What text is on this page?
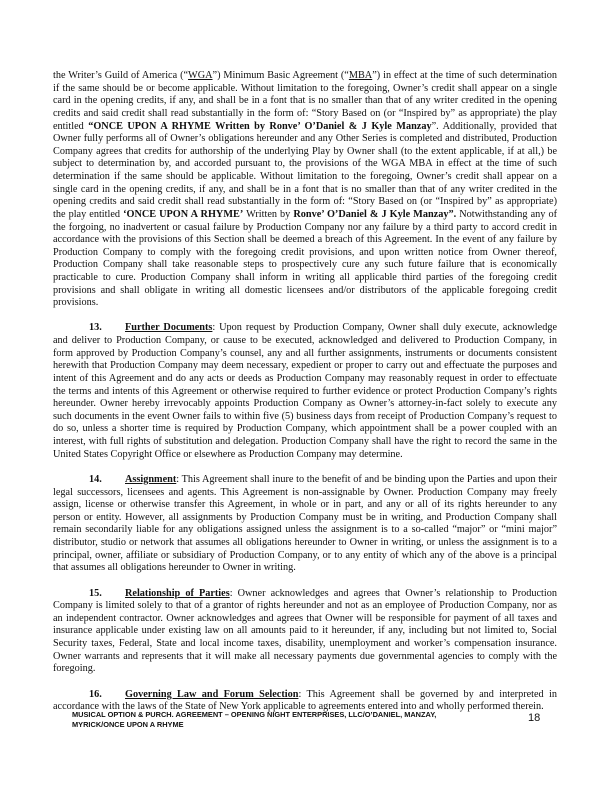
the Writer’s Guild of America (“WGA”) Minimum Basic Agreement (“MBA”) in effect at the time of such determination if the same should be or become applicable. Without limitation to the foregoing, Owner’s credit shall appear on a single card in the opening credits, if any, and shall be in a font that is no smaller than that of any writer credited in the opening credits and said credit shall read substantially in the form of: “Story Based on (or “Inspired by” as appropriate) the play entitled “ONCE UPON A RHYME Written by Ronve’ O’Daniel & J Kyle Manzay”. Additionally, provided that Owner fully performs all of Owner’s obligations hereunder and any Other Series is completed and distributed, Production Company agrees that credits for authorship of the underlying Play by Owner shall (to the extent applicable, if at all,) be subject to determination by, and accorded pursuant to, the provisions of the WGA MBA in effect at the time of such determination if the same should be applicable. Without limitation to the foregoing, Owner’s credit shall appear on a single card in the opening credits, if any, and shall be in a font that is no smaller than that of any writer credited in the opening credits and said credit shall read substantially in the form of: “Story Based on (or “Inspired by” as appropriate) the play entitled ‘ONCE UPON A RHYME’ Written by Ronve’ O’Daniel & J Kyle Manzay”. Notwithstanding any of the forgoing, no inadvertent or casual failure by Production Company nor any failure by a third party to accord credit in accordance with the provisions of this Section shall be deemed a breach of this Agreement. In the event of any failure by Production Company to comply with the foregoing credit provisions, and upon written notice from Owner thereof, Production Company shall take reasonable steps to prospectively cure any such future failure that is economically practicable to cure. Production Company shall inform in writing all applicable third parties of the foregoing credit provisions and shall obligate in writing all domestic licensees and/or distributors of the applicable foregoing credit provisions.

13. Further Documents: Upon request by Production Company, Owner shall duly execute, acknowledge and deliver to Production Company, or cause to be executed, acknowledged and delivered to Production Company, in form approved by Production Company’s counsel, any and all further assignments, instruments or documents consistent herewith that Production Company may deem necessary, expedient or proper to carry out and effectuate the purposes and intent of this Agreement and do any acts or deeds as Production Company may reasonably request in order to effectuate the terms and intents of this Agreement or otherwise required to further evidence or protect Production Company’s rights hereunder. Owner hereby irrevocably appoints Production Company as Owner’s attorney-in-fact solely to execute any such documents in the event Owner fails to within five (5) business days from receipt of Production Company’s request to do so, unless a shorter time is required by Production Company, which appointment shall be a power coupled with an interest, with full rights of substitution and delegation. Production Company shall have the right to record the same in the United States Copyright Office or elsewhere as Production Company may determine.

14. Assignment: This Agreement shall inure to the benefit of and be binding upon the Parties and upon their legal successors, licensees and agents. This Agreement is non-assignable by Owner. Production Company may freely assign, license or otherwise transfer this Agreement, in whole or in part, and any or all of its rights hereunder to any person or entity. However, all assignments by Production Company must be in writing, and Production Company shall remain secondarily liable for any obligations assigned unless the assignment is to a so-called “major” or “mini major” distributor, studio or network that assumes all obligations hereunder to Owner in writing, or unless the assignment is to a principal, owner, affiliate or subsidiary of Production Company, or to any entity of which any of the above is a principal that assumes all obligations hereunder to Owner in writing.

15. Relationship of Parties: Owner acknowledges and agrees that Owner’s relationship to Production Company is limited solely to that of a grantor of rights hereunder and not as an employee of Production Company, nor as an independent contractor. Owner acknowledges and agrees that Owner will be responsible for payment of all taxes and insurance applicable under existing law on all amounts paid to it hereunder, if any, including but not limited to, Social Security taxes, Federal, State and local income taxes, disability, unemployment and worker’s compensation insurance. Owner warrants and represents that it will make all necessary payments due governmental agencies to comply with the foregoing.

16. Governing Law and Forum Selection: This Agreement shall be governed by and interpreted in accordance with the laws of the State of New York applicable to agreements entered into and wholly performed therein.

MUSICAL OPTION & PURCH. AGREEMENT – OPENING NIGHT ENTERPRISES, LLC/O’DANIEL, MANZAY, MYRICK/ONCE UPON A RHYME
18
